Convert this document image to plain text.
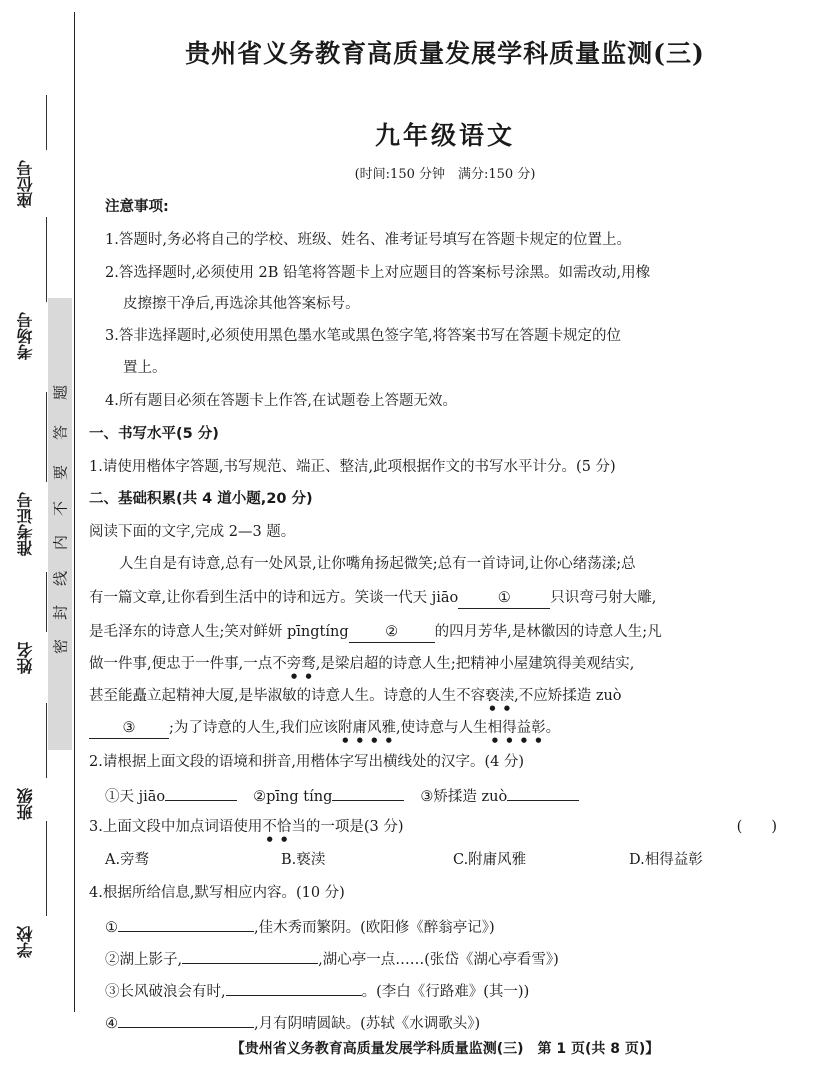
座位号
考场号
准考证号
姓名
班级
学校
题
答
要
不
内
线
封
密
贵州省义务教育高质量发展学科质量监测(三)
九年级语文
(时间:150 分钟　满分:150 分)
注意事项:
1.答题时,务必将自己的学校、班级、姓名、准考证号填写在答题卡规定的位置上。
2.答选择题时,必须使用 2B 铅笔将答题卡上对应题目的答案标号涂黑。如需改动,用橡
皮擦擦干净后,再选涂其他答案标号。
3.答非选择题时,必须使用黑色墨水笔或黑色签字笔,将答案书写在答题卡规定的位
置上。
4.所有题目必须在答题卡上作答,在试题卷上答题无效。
一、书写水平(5 分)
1.请使用楷体字答题,书写规范、端正、整洁,此项根据作文的书写水平计分。(5 分)
二、基础积累(共 4 道小题,20 分)
阅读下面的文字,完成 2—3 题。
人生自是有诗意,总有一处风景,让你嘴角扬起微笑;总有一首诗词,让你心绪荡漾;总
有一篇文章,让你看到生活中的诗和远方。笑谈一代天 jiāo	①	只识弯弓射大雕,
是毛泽东的诗意人生;笑对鲜妍 pīngtíng	②	的四月芳华,是林徽因的诗意人生;凡
做一件事,便忠于一件事,一点不旁骛,是梁启超的诗意人生;把精神小屋建筑得美观结实,
甚至能矗立起精神大厦,是毕淑敏的诗意人生。诗意的人生不容亵渎,不应矫揉造 zuò
③ ;为了诗意的人生,我们应该附庸风雅,使诗意与人生相得益彰。
2.请根据上面文段的语境和拼音,用楷体字写出横线处的汉字。(4 分)
①天 jiāo	②pīng tíng	③矫揉造 zuò
3.上面文段中加点词语使用不恰当的一项是(3 分)	(　　)
A.旁骛	B.亵渎	C.附庸风雅	D.相得益彰
4.根据所给信息,默写相应内容。(10 分)
①	,佳木秀而繁阴。(欧阳修《醉翁亭记》)
②湖上影子,	,湖心亭一点……(张岱《湖心亭看雪》)
③长风破浪会有时,	。(李白《行路难》(其一))
④	,月有阴晴圆缺。(苏轼《水调歌头》)
【贵州省义务教育高质量发展学科质量监测(三)　第 1 页(共 8 页)】
